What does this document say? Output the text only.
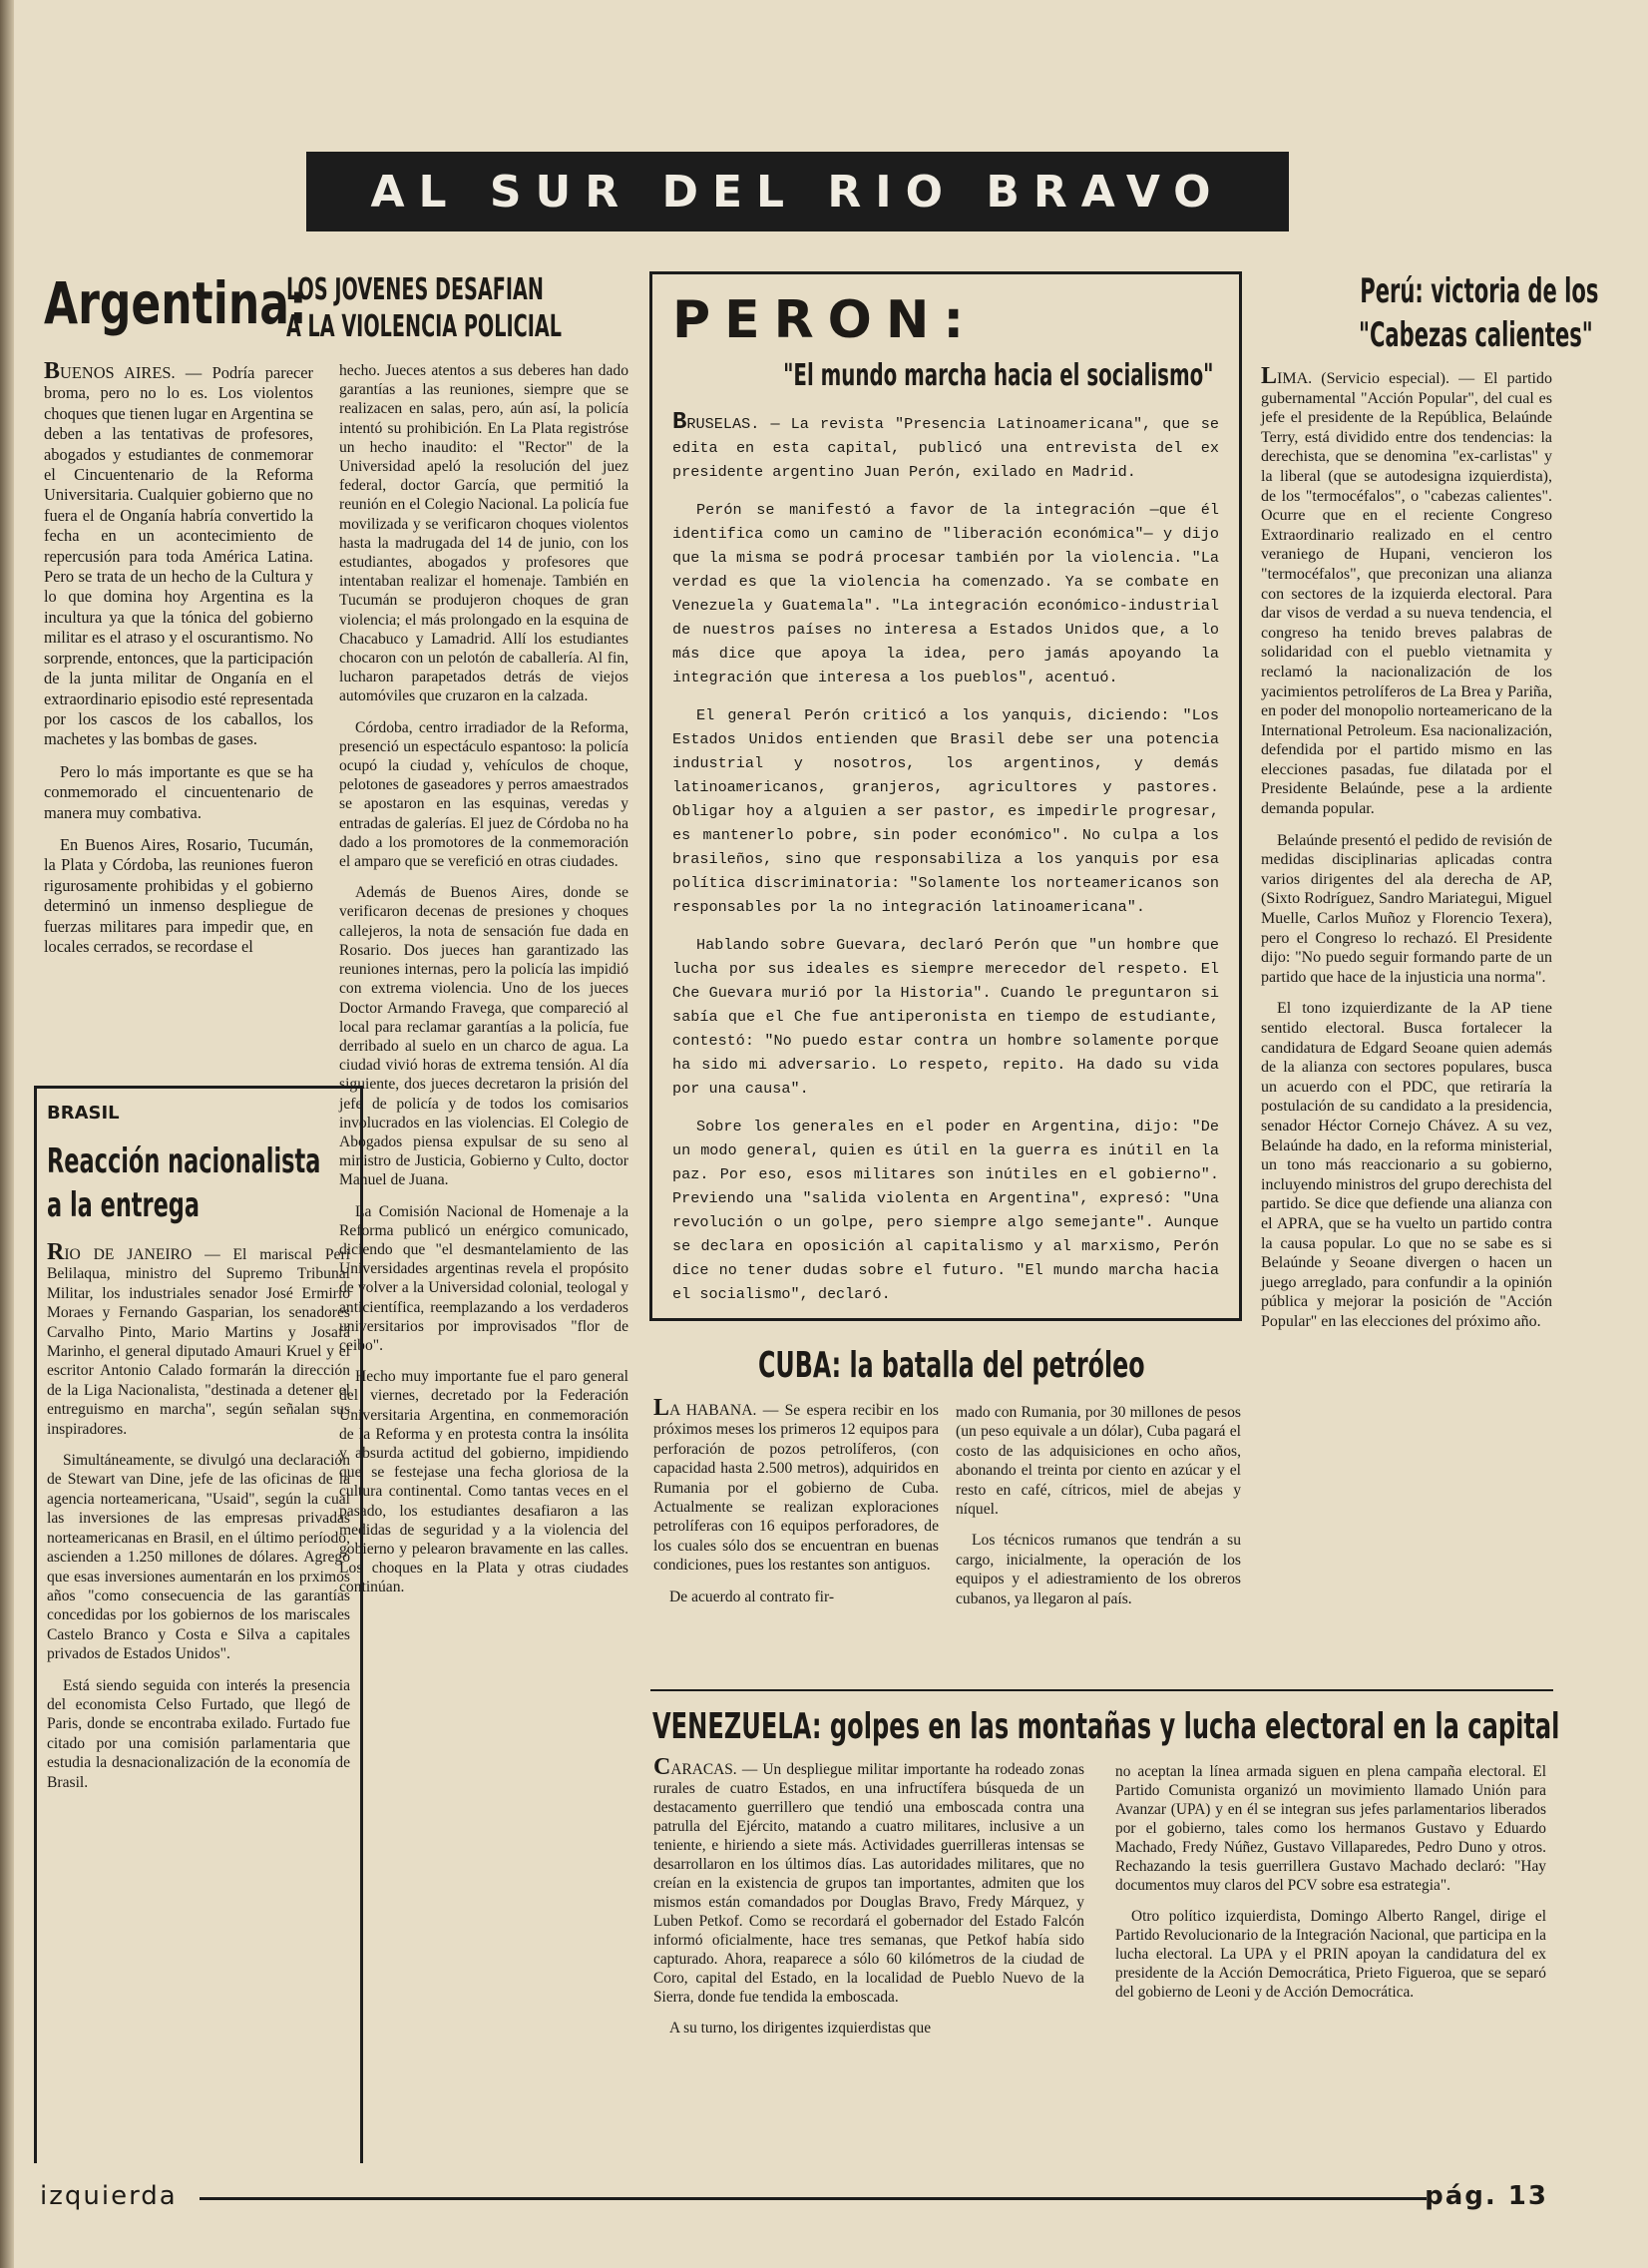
AL SUR DEL RIO BRAVO
Argentina:
LOS JOVENES DESAFIAN
A LA VIOLENCIA POLICIAL

BUENOS AIRES. — Podría parecer broma, pero no lo es. Los violentos choques que tienen lugar en Argentina se deben a las tentativas de profesores, abogados y estudiantes de conmemorar el Cincuentenario de la Reforma Universitaria. Cualquier gobierno que no fuera el de Onganía habría convertido la fecha en un acontecimiento de repercusión para toda América Latina. Pero se trata de un hecho de la Cultura y lo que domina hoy Argentina es la incultura ya que la tónica del gobierno militar es el atraso y el oscurantismo. No sorprende, entonces, que la participación de la junta militar de Onganía en el extraordinario episodio esté representada por los cascos de los caballos, los machetes y las bombas de gases.

Pero lo más importante es que se ha conmemorado el cincuentenario de manera muy combativa.

En Buenos Aires, Rosario, Tucumán, la Plata y Córdoba, las reuniones fueron rigurosamente prohibidas y el gobierno determinó un inmenso despliegue de fuerzas militares para impedir que, en locales cerrados, se recordase el

hecho. Jueces atentos a sus deberes han dado garantías a las reuniones, siempre que se realizacen en salas, pero, aún así, la policía intentó su prohibición. En La Plata registróse un hecho inaudito: el "Rector" de la Universidad apeló la resolución del juez federal, doctor García, que permitió la reunión en el Colegio Nacional. La policía fue movilizada y se verificaron choques violentos hasta la madrugada del 14 de junio, con los estudiantes, abogados y profesores que intentaban realizar el homenaje. También en Tucumán se produjeron choques de gran violencia; el más prolongado en la esquina de Chacabuco y Lamadrid. Allí los estudiantes chocaron con un pelotón de caballería. Al fin, lucharon parapetados detrás de viejos automóviles que cruzaron en la calzada.

Córdoba, centro irradiador de la Reforma, presenció un espectáculo espantoso: la policía ocupó la ciudad y, vehículos de choque, pelotones de gaseadores y perros amaestrados se apostaron en las esquinas, veredas y entradas de galerías. El juez de Córdoba no ha dado a los promotores de la conmemoración el amparo que se verefició en otras ciudades.

Además de Buenos Aires, donde se verificaron decenas de presiones y choques callejeros, la nota de sensación fue dada en Rosario. Dos jueces han garantizado las reuniones internas, pero la policía las impidió con extrema violencia. Uno de los jueces Doctor Armando Fravega, que compareció al local para reclamar garantías a la policía, fue derribado al suelo en un charco de agua. La ciudad vivió horas de extrema tensión. Al día siguiente, dos jueces decretaron la prisión del jefe de policía y de todos los comisarios involucrados en las violencias. El Colegio de Abogados piensa expulsar de su seno al ministro de Justicia, Gobierno y Culto, doctor Manuel de Juana.

La Comisión Nacional de Homenaje a la Reforma publicó un enérgico comunicado, diciendo que "el desmantelamiento de las Universidades argentinas revela el propósito de volver a la Universidad colonial, teologal y anticientífica, reemplazando a los verdaderos universitarios por improvisados "flor de ceibo".

Hecho muy importante fue el paro general del viernes, decretado por la Federación Universitaria Argentina, en conmemoración de la Reforma y en protesta contra la insólita y absurda actitud del gobierno, impidiendo que se festejase una fecha gloriosa de la cultura continental. Como tantas veces en el pasado, los estudiantes desafiaron a las medidas de seguridad y a la violencia del gobierno y pelearon bravamente en las calles. Los choques en la Plata y otras ciudades continúan.

BRASIL
Reacción nacionalista
a la entrega

RIO DE JANEIRO — El mariscal Peri Belilaqua, ministro del Supremo Tribunal Militar, los industriales senador José Ermirio Moraes y Fernando Gasparian, los senadores Carvalho Pinto, Mario Martins y Josafá Marinho, el general diputado Amauri Kruel y el escritor Antonio Calado formarán la dirección de la Liga Nacionalista, "destinada a detener el entreguismo en marcha", según señalan sus inspiradores.

Simultáneamente, se divulgó una declaración de Stewart van Dine, jefe de las oficinas de la agencia norteamericana, "Usaid", según la cual las inversiones de las empresas privadas norteamericanas en Brasil, en el último período, ascienden a 1.250 millones de dólares. Agregó que esas inversiones aumentarán en los prximos años "como consecuencia de las garantías concedidas por los gobiernos de los mariscales Castelo Branco y Costa e Silva a capitales privados de Estados Unidos".

Está siendo seguida con interés la presencia del economista Celso Furtado, que llegó de Paris, donde se encontraba exilado. Furtado fue citado por una comisión parlamentaria que estudia la desnacionalización de la economía de Brasil.

PERON:
"El mundo marcha hacia el socialismo"

BRUSELAS. — La revista "Presencia Latinoamericana", que se edita en esta capital, publicó una entrevista del ex presidente argentino Juan Perón, exilado en Madrid.

Perón se manifestó a favor de la integración —que él identifica como un camino de "liberación económica"— y dijo que la misma se podrá procesar también por la violencia. "La verdad es que la violencia ha comenzado. Ya se combate en Venezuela y Guatemala". "La integración económico-industrial de nuestros países no interesa a Estados Unidos que, a lo más dice que apoya la idea, pero jamás apoyando la integración que interesa a los pueblos", acentuó.

El general Perón criticó a los yanquis, diciendo: "Los Estados Unidos entienden que Brasil debe ser una potencia industrial y nosotros, los argentinos, y demás latinoamericanos, granjeros, agricultores y pastores. Obligar hoy a alguien a ser pastor, es impedirle progresar, es mantenerlo pobre, sin poder económico". No culpa a los brasileños, sino que responsabiliza a los yanquis por esa política discriminatoria: "Solamente los norteamericanos son responsables por la no integración latinoamericana".

Hablando sobre Guevara, declaró Perón que "un hombre que lucha por sus ideales es siempre merecedor del respeto. El Che Guevara murió por la Historia". Cuando le preguntaron si sabía que el Che fue antiperonista en tiempo de estudiante, contestó: "No puedo estar contra un hombre solamente porque ha sido mi adversario. Lo respeto, repito. Ha dado su vida por una causa".

Sobre los generales en el poder en Argentina, dijo: "De un modo general, quien es útil en la guerra es inútil en la paz. Por eso, esos militares son inútiles en el gobierno". Previendo una "salida violenta en Argentina", expresó: "Una revolución o un golpe, pero siempre algo semejante". Aunque se declara en oposición al capitalismo y al marxismo, Perón dice no tener dudas sobre el futuro. "El mundo marcha hacia el socialismo", declaró.

CUBA: la batalla del petróleo

LA HABANA. — Se espera recibir en los próximos meses los primeros 12 equipos para perforación de pozos petrolíferos, (con capacidad hasta 2.500 metros), adquiridos en Rumania por el gobierno de Cuba. Actualmente se realizan exploraciones petrolíferas con 16 equipos perforadores, de los cuales sólo dos se encuentran en buenas condiciones, pues los restantes son antiguos.

De acuerdo al contrato fir-

mado con Rumania, por 30 millones de pesos (un peso equivale a un dólar), Cuba pagará el costo de las adquisiciones en ocho años, abonando el treinta por ciento en azúcar y el resto en café, cítricos, miel de abejas y níquel.

Los técnicos rumanos que tendrán a su cargo, inicialmente, la operación de los equipos y el adiestramiento de los obreros cubanos, ya llegaron al país.

Perú: victoria de los
"Cabezas calientes"

LIMA. (Servicio especial). — El partido gubernamental "Acción Popular", del cual es jefe el presidente de la República, Belaúnde Terry, está dividido entre dos tendencias: la derechista, que se denomina "ex-carlistas" y la liberal (que se autodesigna izquierdista), de los "termocéfalos", o "cabezas calientes". Ocurre que en el reciente Congreso Extraordinario realizado en el centro veraniego de Hupani, vencieron los "termocéfalos", que preconizan una alianza con sectores de la izquierda electoral. Para dar visos de verdad a su nueva tendencia, el congreso ha tenido breves palabras de solidaridad con el pueblo vietnamita y reclamó la nacionalización de los yacimientos petrolíferos de La Brea y Pariña, en poder del monopolio norteamericano de la International Petroleum. Esa nacionalización, defendida por el partido mismo en las elecciones pasadas, fue dilatada por el Presidente Belaúnde, pese a la ardiente demanda popular.

Belaúnde presentó el pedido de revisión de medidas disciplinarias aplicadas contra varios dirigentes del ala derecha de AP, (Sixto Rodríguez, Sandro Mariategui, Miguel Muelle, Carlos Muñoz y Florencio Texera), pero el Congreso lo rechazó. El Presidente dijo: "No puedo seguir formando parte de un partido que hace de la injusticia una norma".

El tono izquierdizante de la AP tiene sentido electoral. Busca fortalecer la candidatura de Edgard Seoane quien además de la alianza con sectores populares, busca un acuerdo con el PDC, que retiraría la postulación de su candidato a la presidencia, senador Héctor Cornejo Chávez. A su vez, Belaúnde ha dado, en la reforma ministerial, un tono más reaccionario a su gobierno, incluyendo ministros del grupo derechista del partido. Se dice que defiende una alianza con el APRA, que se ha vuelto un partido contra la causa popular. Lo que no se sabe es si Belaúnde y Seoane divergen o hacen un juego arreglado, para confundir a la opinión pública y mejorar la posición de "Acción Popular" en las elecciones del próximo año.

VENEZUELA: golpes en las montañas y lucha electoral en la capital

CARACAS. — Un despliegue militar importante ha rodeado zonas rurales de cuatro Estados, en una infructífera búsqueda de un destacamento guerrillero que tendió una emboscada contra una patrulla del Ejército, matando a cuatro militares, inclusive a un teniente, e hiriendo a siete más. Actividades guerrilleras intensas se desarrollaron en los últimos días. Las autoridades militares, que no creían en la existencia de grupos tan importantes, admiten que los mismos están comandados por Douglas Bravo, Fredy Márquez, y Luben Petkof. Como se recordará el gobernador del Estado Falcón informó oficialmente, hace tres semanas, que Petkof había sido capturado. Ahora, reaparece a sólo 60 kilómetros de la ciudad de Coro, capital del Estado, en la localidad de Pueblo Nuevo de la Sierra, donde fue tendida la emboscada.

A su turno, los dirigentes izquierdistas que

no aceptan la línea armada siguen en plena campaña electoral. El Partido Comunista organizó un movimiento llamado Unión para Avanzar (UPA) y en él se integran sus jefes parlamentarios liberados por el gobierno, tales como los hermanos Gustavo y Eduardo Machado, Fredy Núñez, Gustavo Villaparedes, Pedro Duno y otros. Rechazando la tesis guerrillera Gustavo Machado declaró: "Hay documentos muy claros del PCV sobre esa estrategia".

Otro político izquierdista, Domingo Alberto Rangel, dirige el Partido Revolucionario de la Integración Nacional, que participa en la lucha electoral. La UPA y el PRIN apoyan la candidatura del ex presidente de la Acción Democrática, Prieto Figueroa, que se separó del gobierno de Leoni y de Acción Democrática.

izquierda	pág. 13
